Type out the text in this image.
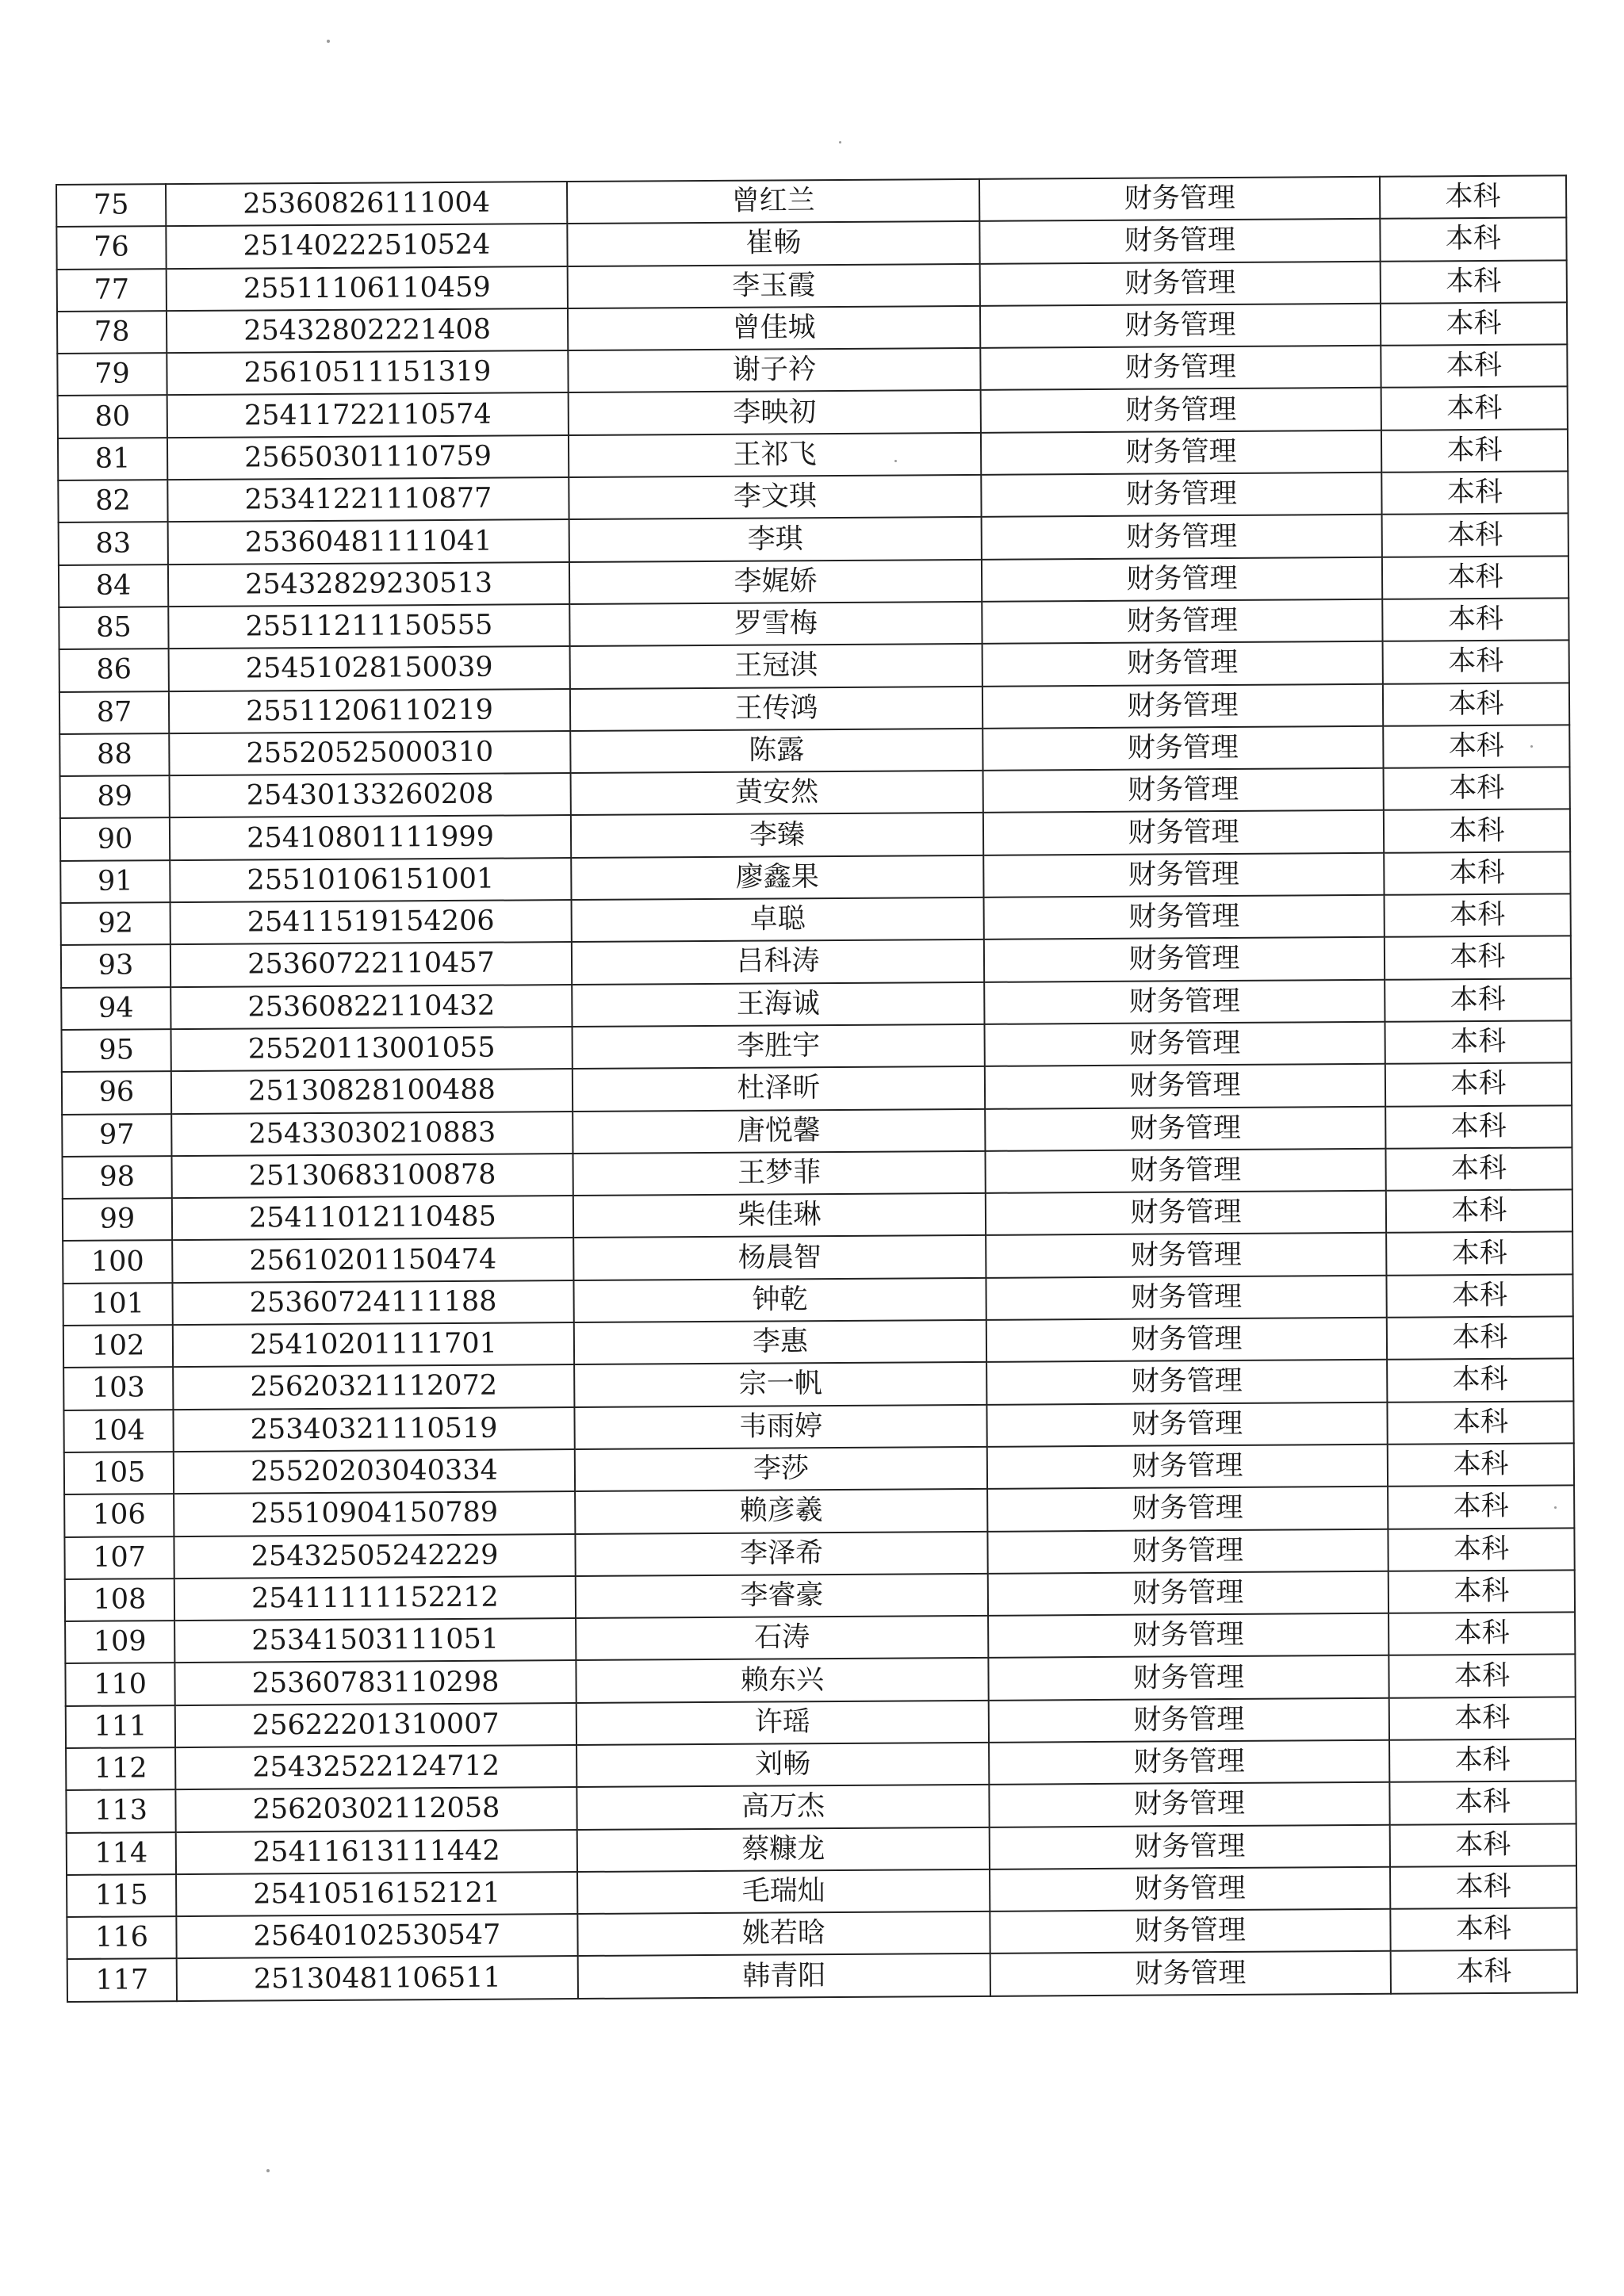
75	25360826111004	曾红兰	财务管理	本科
76	25140222510524	崔畅	财务管理	本科
77	25511106110459	李玉霞	财务管理	本科
78	25432802221408	曾佳城	财务管理	本科
79	25610511151319	谢子衿	财务管理	本科
80	25411722110574	李映初	财务管理	本科
81	25650301110759	王祁飞	财务管理	本科
82	25341221110877	李文琪	财务管理	本科
83	25360481111041	李琪	财务管理	本科
84	25432829230513	李娓娇	财务管理	本科
85	25511211150555	罗雪梅	财务管理	本科
86	25451028150039	王冠淇	财务管理	本科
87	25511206110219	王传鸿	财务管理	本科
88	25520525000310	陈露	财务管理	本科
89	25430133260208	黄安然	财务管理	本科
90	25410801111999	李臻	财务管理	本科
91	25510106151001	廖鑫果	财务管理	本科
92	25411519154206	卓聪	财务管理	本科
93	25360722110457	吕科涛	财务管理	本科
94	25360822110432	王海诚	财务管理	本科
95	25520113001055	李胜宇	财务管理	本科
96	25130828100488	杜泽昕	财务管理	本科
97	25433030210883	唐悦馨	财务管理	本科
98	25130683100878	王梦菲	财务管理	本科
99	25411012110485	柴佳琳	财务管理	本科
100	25610201150474	杨晨智	财务管理	本科
101	25360724111188	钟乾	财务管理	本科
102	25410201111701	李惠	财务管理	本科
103	25620321112072	宗一帆	财务管理	本科
104	25340321110519	韦雨婷	财务管理	本科
105	25520203040334	李莎	财务管理	本科
106	25510904150789	赖彦羲	财务管理	本科
107	25432505242229	李泽希	财务管理	本科
108	25411111152212	李睿豪	财务管理	本科
109	25341503111051	石涛	财务管理	本科
110	25360783110298	赖东兴	财务管理	本科
111	25622201310007	许瑶	财务管理	本科
112	25432522124712	刘畅	财务管理	本科
113	25620302112058	高万杰	财务管理	本科
114	25411613111442	蔡糠龙	财务管理	本科
115	25410516152121	毛瑞灿	财务管理	本科
116	25640102530547	姚若晗	财务管理	本科
117	25130481106511	韩青阳	财务管理	本科
